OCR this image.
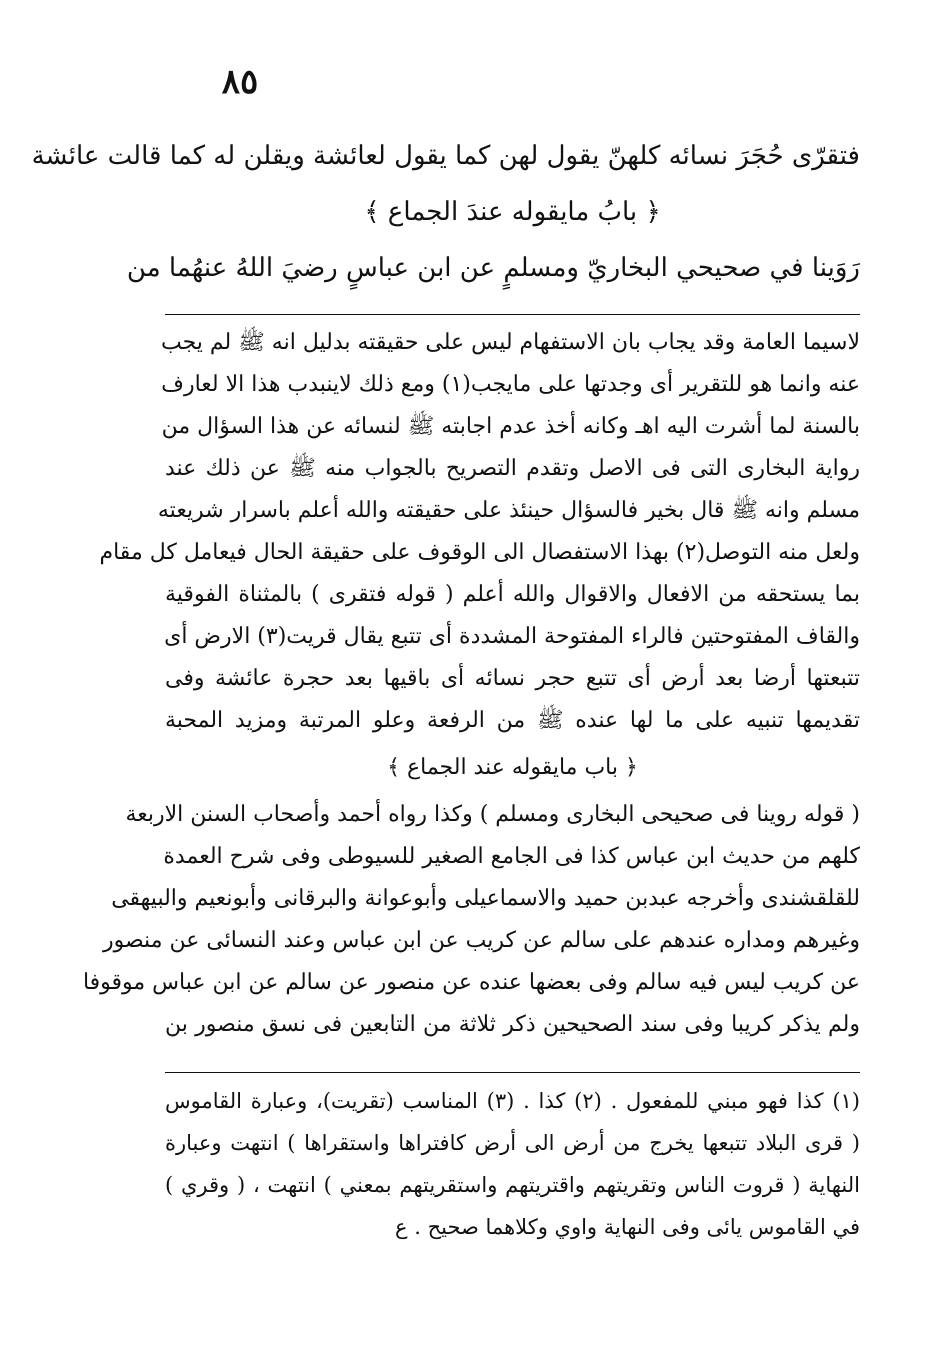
٨٥
فتقرّى حُجَرَ نسائه كلهنّ يقول لهن كما يقول لعائشة ويقلن له كما قالت عائشة
﴿ بابُ مايقوله عندَ الجماع ﴾
رَوَينا في صحيحي البخاريّ ومسلمٍ عن ابن عباسٍ رضيَ اللهُ عنهُما من
لاسيما العامة وقد يجاب بان الاستفهام ليس على حقيقته بدليل انه ﷺ لم يجب
عنه وانما هو للتقرير أى وجدتها على مايجب(١) ومع ذلك لاينبدب هذا الا لعارف
بالسنة لما أشرت اليه اهـ وكانه أخذ عدم اجابته ﷺ لنسائه عن هذا السؤال من
رواية البخارى التى فى الاصل وتقدم التصريح بالجواب منه ﷺ عن ذلك عند
مسلم وانه ﷺ قال بخير فالسؤال حينئذ على حقيقته والله أعلم باسرار شريعته
ولعل منه التوصل(٢) بهذا الاستفصال الى الوقوف على حقيقة الحال فيعامل كل مقام
بما يستحقه من الافعال والاقوال والله أعلم ( قوله فتقرى ) بالمثناة الفوقية
والقاف المفتوحتين فالراء المفتوحة المشددة أى تتبع يقال قريت(٣) الارض أى
تتبعتها أرضا بعد أرض أى تتبع حجر نسائه أى باقيها بعد حجرة عائشة وفى
تقديمها تنبيه على ما لها عنده ﷺ من الرفعة وعلو المرتبة ومزيد المحبة
﴿ باب مايقوله عند الجماع ﴾
( قوله روينا فى صحيحى البخارى ومسلم ) وكذا رواه أحمد وأصحاب السنن الاربعة
كلهم من حديث ابن عباس كذا فى الجامع الصغير للسيوطى وفى شرح العمدة
للقلقشندى وأخرجه عبدبن حميد والاسماعيلى وأبوعوانة والبرقانى وأبونعيم والبيهقى
وغيرهم ومداره عندهم على سالم عن كريب عن ابن عباس وعند النسائى عن منصور
عن كريب ليس فيه سالم وفى بعضها عنده عن منصور عن سالم عن ابن عباس موقوفا
ولم يذكر كريبا وفى سند الصحيحين ذكر ثلاثة من التابعين فى نسق منصور بن
(١) كذا فهو مبني للمفعول . (٢) كذا . (٣) المناسب (تقريت)، وعبارة القاموس
( قرى البلاد تتبعها يخرج من أرض الى أرض كافتراها واستقراها ) انتهت وعبارة
النهاية ( قروت الناس وتقريتهم واقتريتهم واستقريتهم بمعني ) انتهت ، ( وقري )
في القاموس يائى وفى النهاية واوي وكلاهما صحيح . ع
